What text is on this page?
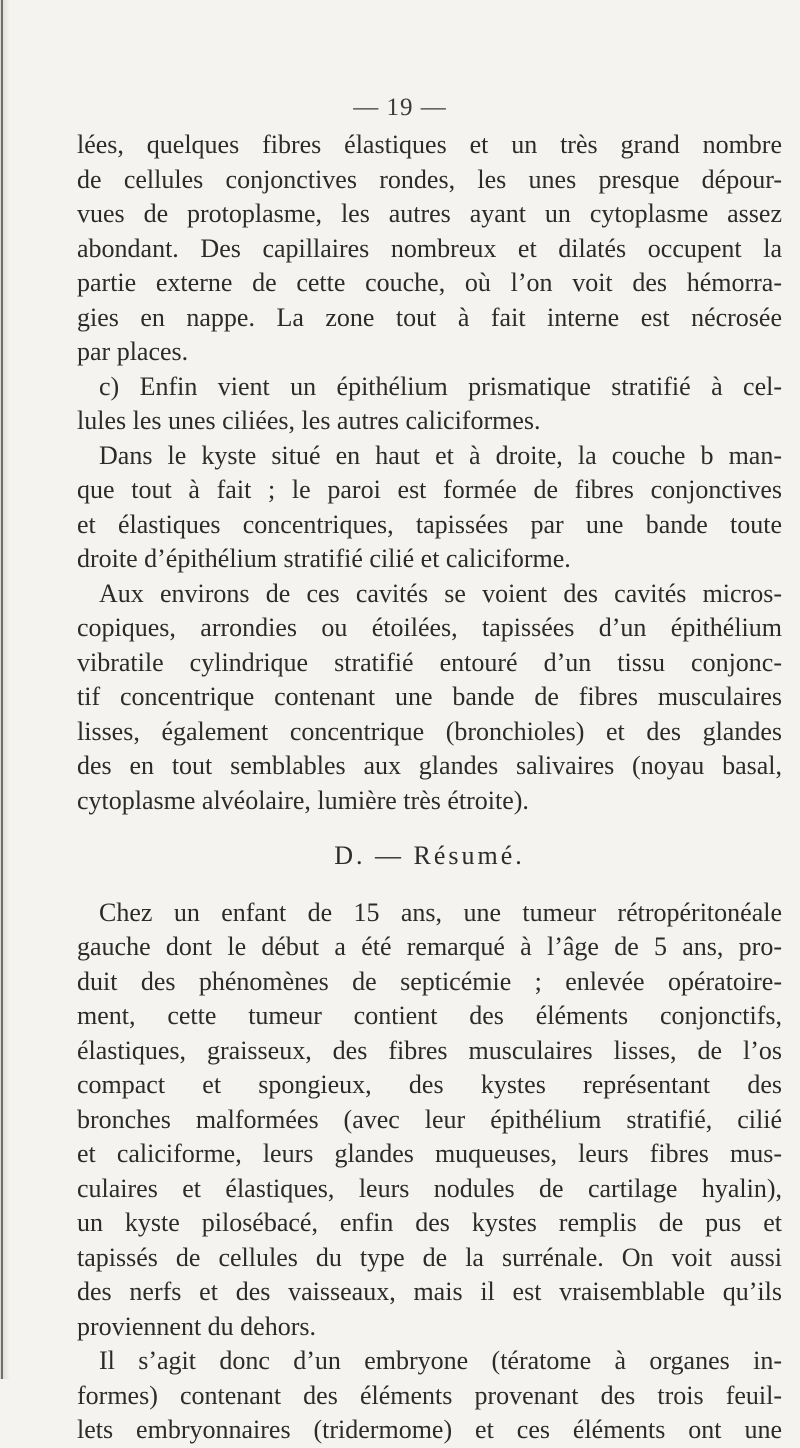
— 19 —
lées, quelques fibres élastiques et un très grand nombre
de cellules conjonctives rondes, les unes presque dépour-
vues de protoplasme, les autres ayant un cytoplasme assez
abondant. Des capillaires nombreux et dilatés occupent la
partie externe de cette couche, où l’on voit des hémorra-
gies en nappe. La zone tout à fait interne est nécrosée
par places.
c) Enfin vient un épithélium prismatique stratifié à cel-
lules les unes ciliées, les autres caliciformes.
Dans le kyste situé en haut et à droite, la couche b man-
que tout à fait ; le paroi est formée de fibres conjonctives
et élastiques concentriques, tapissées par une bande toute
droite d’épithélium stratifié cilié et caliciforme.
Aux environs de ces cavités se voient des cavités micros-
copiques, arrondies ou étoilées, tapissées d’un épithélium
vibratile cylindrique stratifié entouré d’un tissu conjonc-
tif concentrique contenant une bande de fibres musculaires
lisses, également concentrique (bronchioles) et des glandes
des en tout semblables aux glandes salivaires (noyau basal,
cytoplasme alvéolaire, lumière très étroite).
D. — Résumé.
Chez un enfant de 15 ans, une tumeur rétropéritonéale
gauche dont le début a été remarqué à l’âge de 5 ans, pro-
duit des phénomènes de septicémie ; enlevée opératoire-
ment, cette tumeur contient des éléments conjonctifs,
élastiques, graisseux, des fibres musculaires lisses, de l’os
compact et spongieux, des kystes représentant des
bronches malformées (avec leur épithélium stratifié, cilié
et caliciforme, leurs glandes muqueuses, leurs fibres mus-
culaires et élastiques, leurs nodules de cartilage hyalin),
un kyste pilosébacé, enfin des kystes remplis de pus et
tapissés de cellules du type de la surrénale. On voit aussi
des nerfs et des vaisseaux, mais il est vraisemblable qu’ils
proviennent du dehors.
Il s’agit donc d’un embryone (tératome à organes in-
formes) contenant des éléments provenant des trois feuil-
lets embryonnaires (tridermome) et ces éléments ont une
